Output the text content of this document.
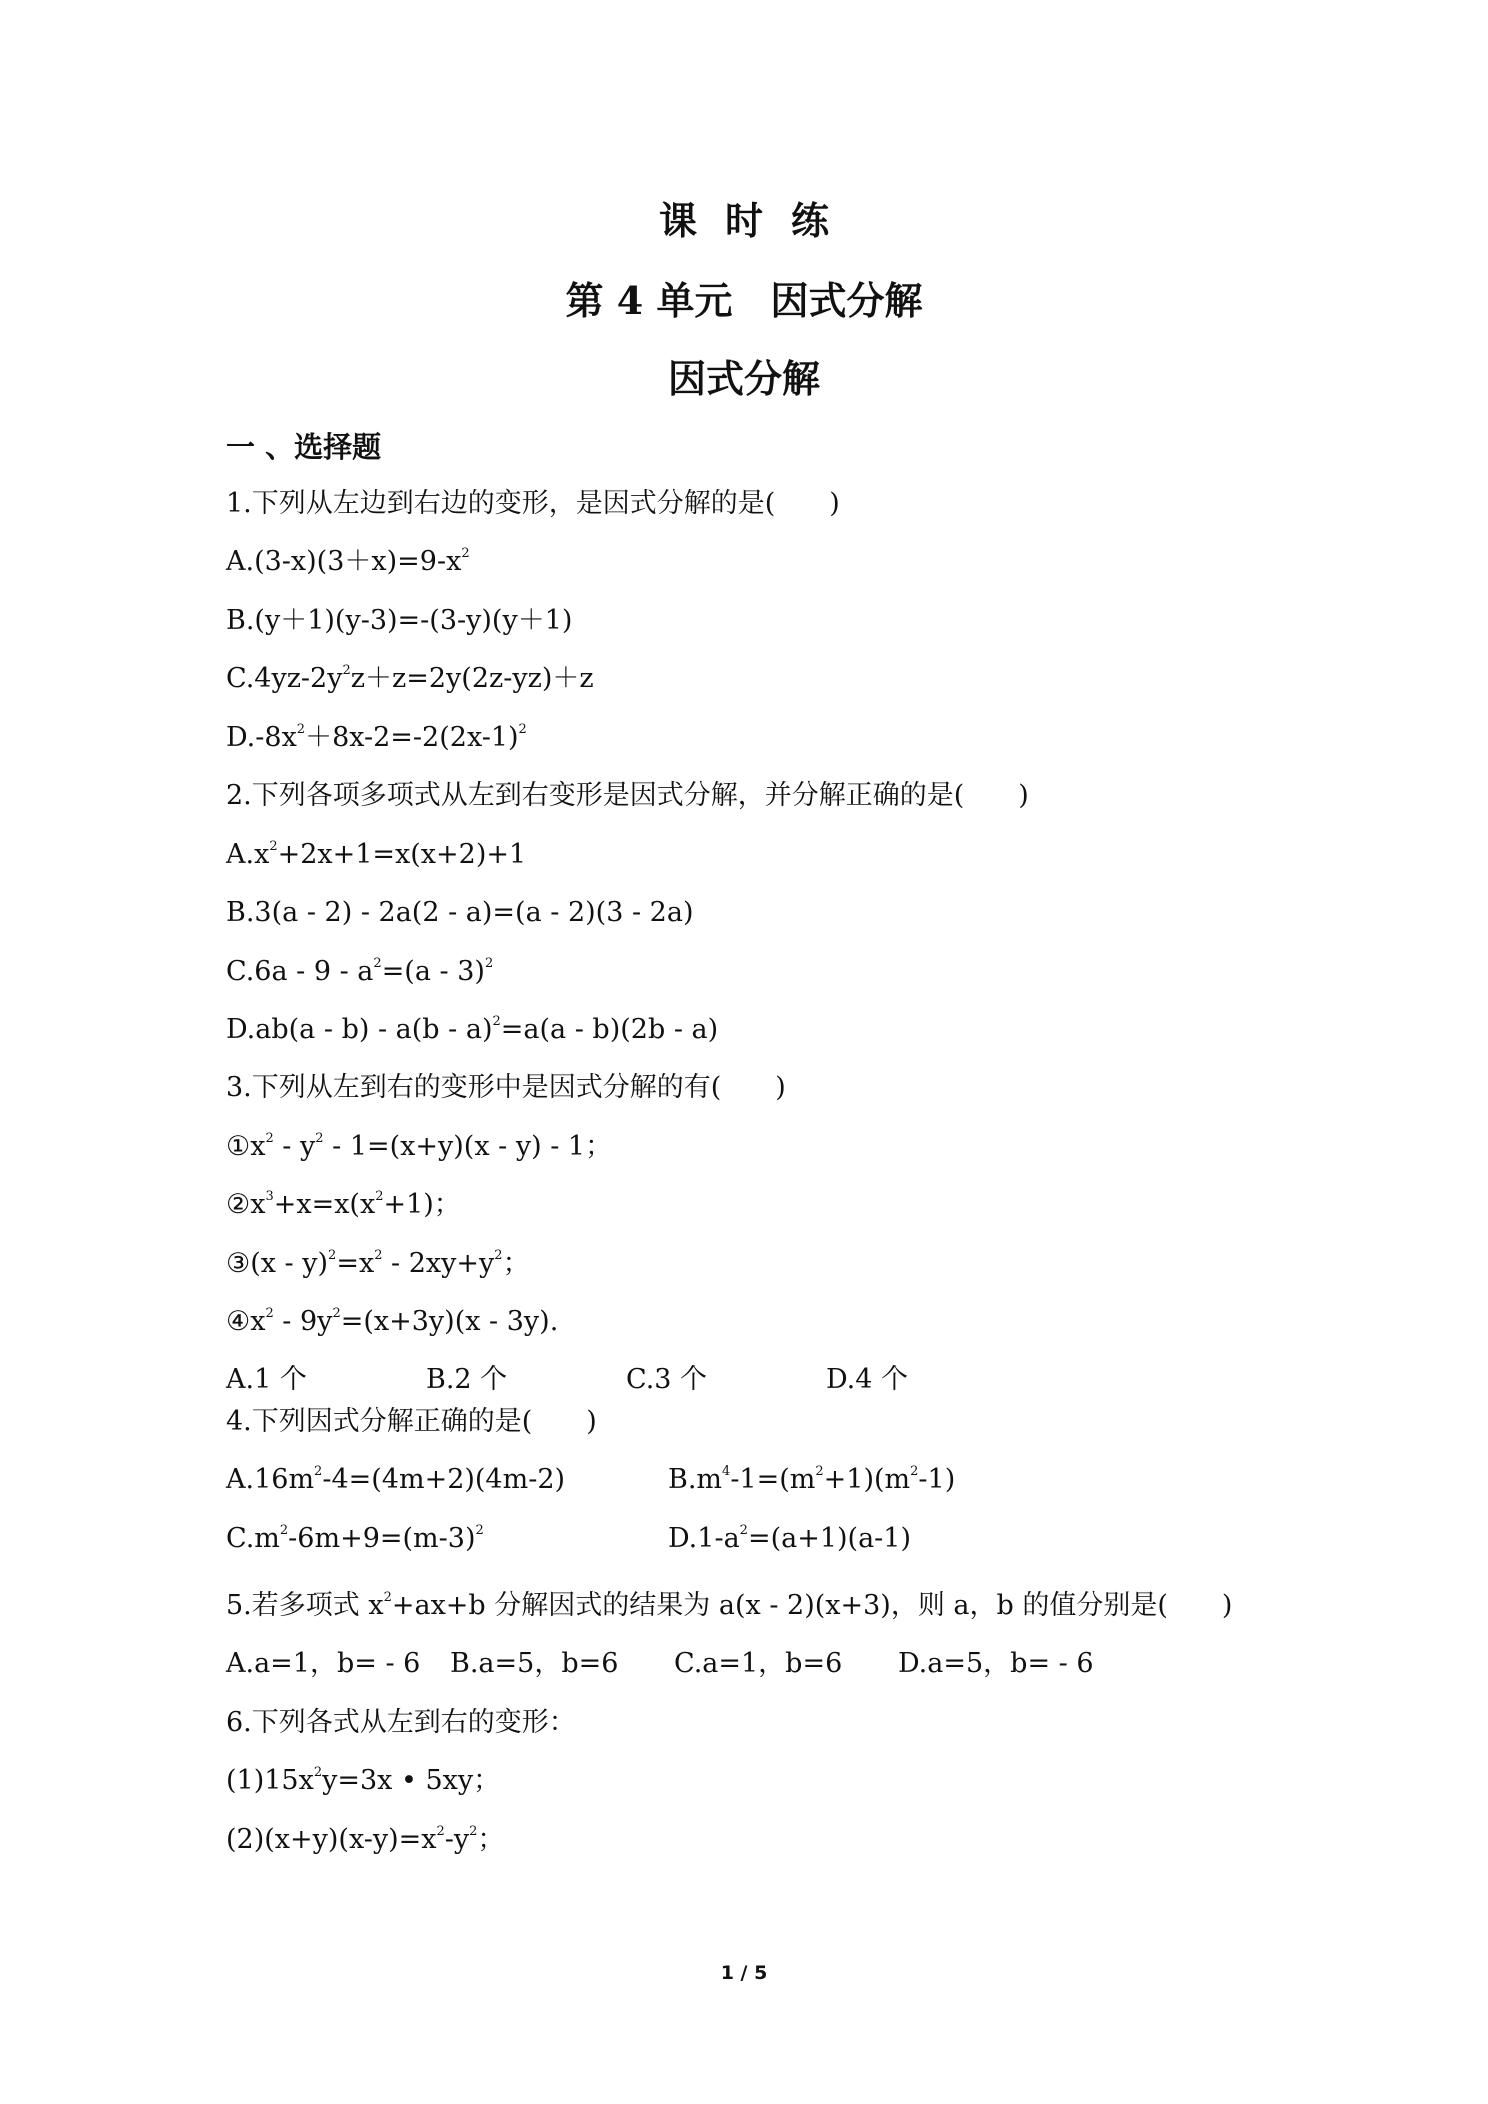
课时练
第 4 单元　因式分解
因式分解
一 、选择题
1.下列从左边到右边的变形，是因式分解的是(　　)
$A.(3-x)(3+x)=9-x^2$
B.(y＋1)(y-3)=-(3-y)(y＋1)
$C.4yz-2y^2z+z=2y(2z-yz)+z$
$D.-8x^2+8x-2=-2(2x-1)^2$
2.下列各项多项式从左到右变形是因式分解，并分解正确的是(　　)
$A.x^2+2x+1=x(x+2)+1$
B.3(a - 2) - 2a(2 - a)=(a - 2)(3 - 2a)
$C.6a - 9 - a^2=(a - 3)^2$
D.ab(a - b) - a(b - a)$^2$=a(a - b)(2b - a)
3.下列从左到右的变形中是因式分解的有(　　)
$①x^2 - y^2 - 1=(x+y)(x - y) - 1$；
$②x^3+x=x(x^2+1)$；
③(x - $y)^2=x^2 - 2xy+y^2$；
$④x^2 - 9y^2=(x+3y)(x - 3y)$.
A.1 个	B.2 个	C.3 个	D.4 个
4.下列因式分解正确的是(　　)
$A.16m^2-4=(4m+2)(4m-2)$	$B.m^4-1=(m^2+1)(m^2-1)$
$C.m^2-6m+9=(m-3)^2$	$D.1-a^2=(a+1)(a-1)$
5.若多项式 $x^2+ax+b$ 分解因式的结果为 a(x - 2)(x+3)，则 a，b 的值分别是(　　)
A.a=1，b= - 6 B.a=5，b=6 C.a=1，b=6 D.a=5，b= - 6
6.下列各式从左到右的变形：
$(1)15x^2y=3x$ • 5xy；
$(2)(x+y)(x-y)=x^2-y^2$；
1 / 5
